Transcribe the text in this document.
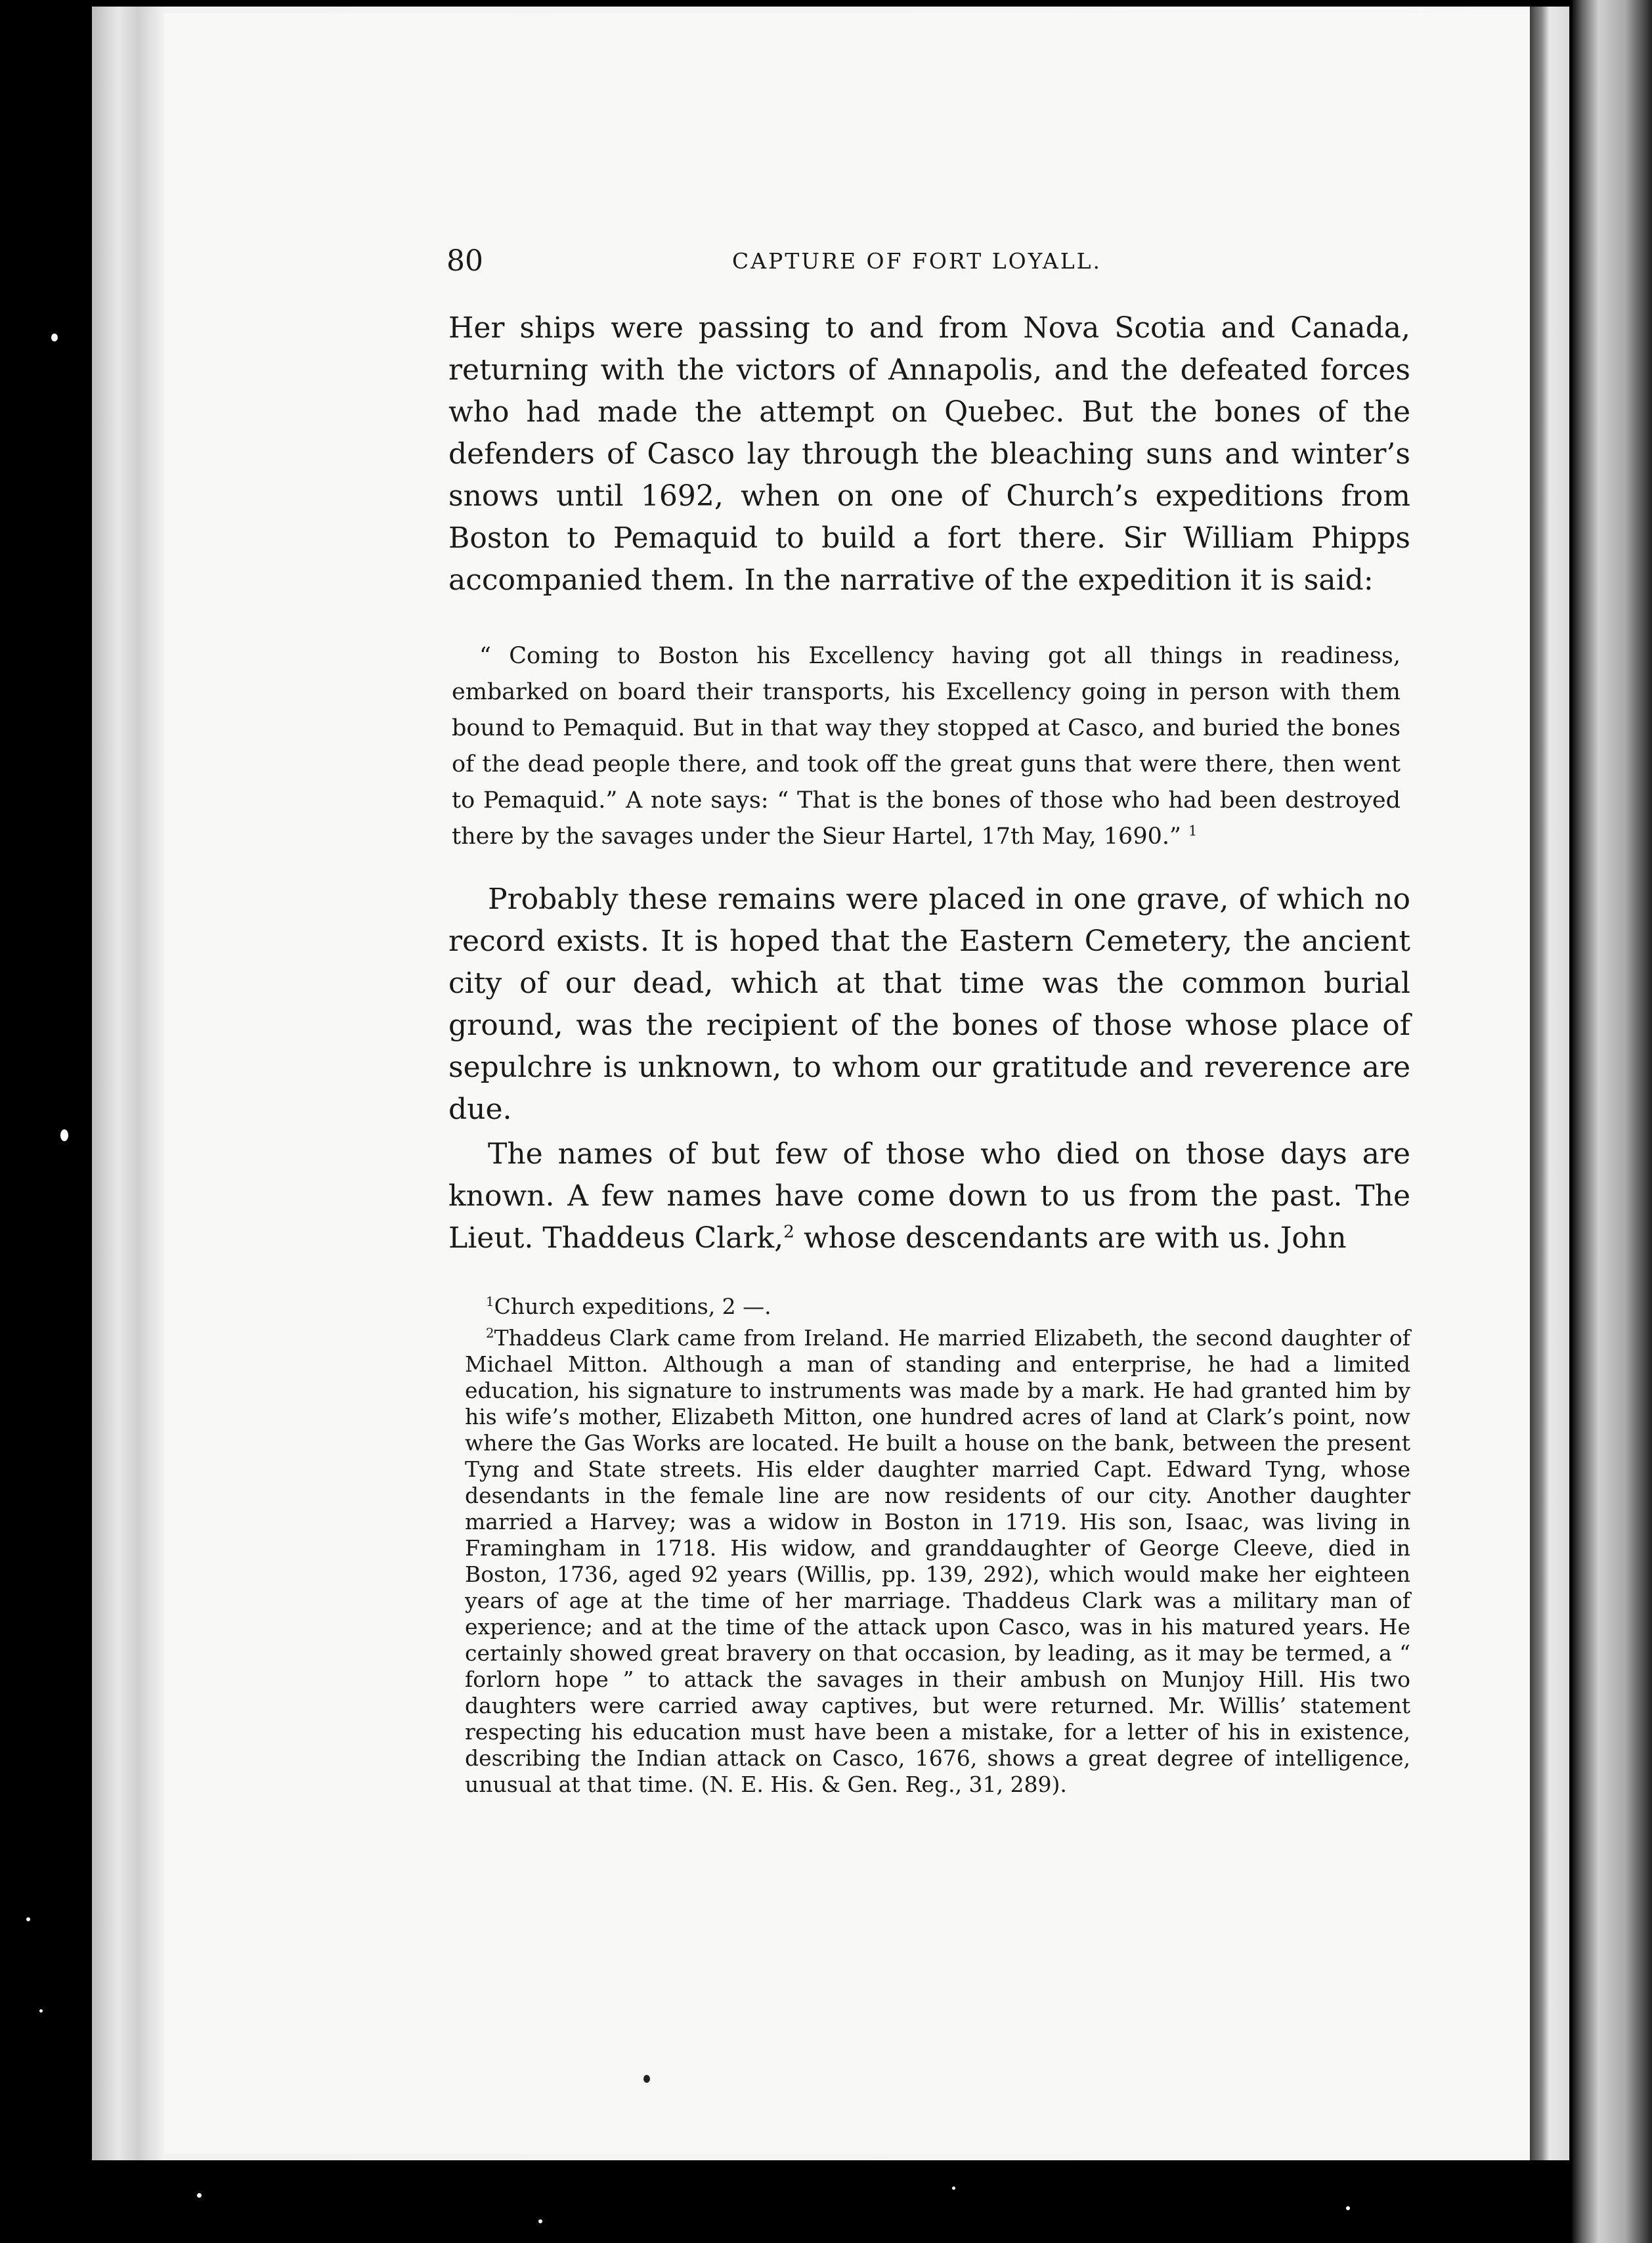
80	CAPTURE OF FORT LOYALL.

Her ships were passing to and from Nova Scotia and Canada, returning with the victors of Annapolis, and the defeated forces who had made the attempt on Quebec. But the bones of the defenders of Casco lay through the bleaching suns and winter’s snows until 1692, when on one of Church’s expeditions from Boston to Pemaquid to build a fort there. Sir William Phipps accompanied them. In the narrative of the expedition it is said:

“ Coming to Boston his Excellency having got all things in readiness, embarked on board their transports, his Excellency going in person with them bound to Pemaquid. But in that way they stopped at Casco, and buried the bones of the dead people there, and took off the great guns that were there, then went to Pemaquid.” A note says: “ That is the bones of those who had been destroyed there by the savages under the Sieur Hartel, 17th May, 1690.” $^1$

Probably these remains were placed in one grave, of which no record exists. It is hoped that the Eastern Cemetery, the ancient city of our dead, which at that time was the common burial ground, was the recipient of the bones of those whose place of sepulchre is unknown, to whom our gratitude and reverence are due.

The names of but few of those who died on those days are known. A few names have come down to us from the past. The Lieut. Thaddeus Clark,$^2$ whose descendants are with us. John

$^1$Church expeditions, 2 —.

$^2$Thaddeus Clark came from Ireland. He married Elizabeth, the second daughter of Michael Mitton. Although a man of standing and enterprise, he had a limited education, his signature to instruments was made by a mark. He had granted him by his wife’s mother, Elizabeth Mitton, one hundred acres of land at Clark’s point, now where the Gas Works are located. He built a house on the bank, between the present Tyng and State streets. His elder daughter married Capt. Edward Tyng, whose desendants in the female line are now residents of our city. Another daughter married a Harvey; was a widow in Boston in 1719. His son, Isaac, was living in Framingham in 1718. His widow, and granddaughter of George Cleeve, died in Boston, 1736, aged 92 years (Willis, pp. 139, 292), which would make her eighteen years of age at the time of her marriage. Thaddeus Clark was a military man of experience; and at the time of the attack upon Casco, was in his matured years. He certainly showed great bravery on that occasion, by leading, as it may be termed, a “ forlorn hope ” to attack the savages in their ambush on Munjoy Hill. His two daughters were carried away captives, but were returned. Mr. Willis’ statement respecting his education must have been a mistake, for a letter of his in existence, describing the Indian attack on Casco, 1676, shows a great degree of intelligence, unusual at that time. (N. E. His. & Gen. Reg., 31, 289).
